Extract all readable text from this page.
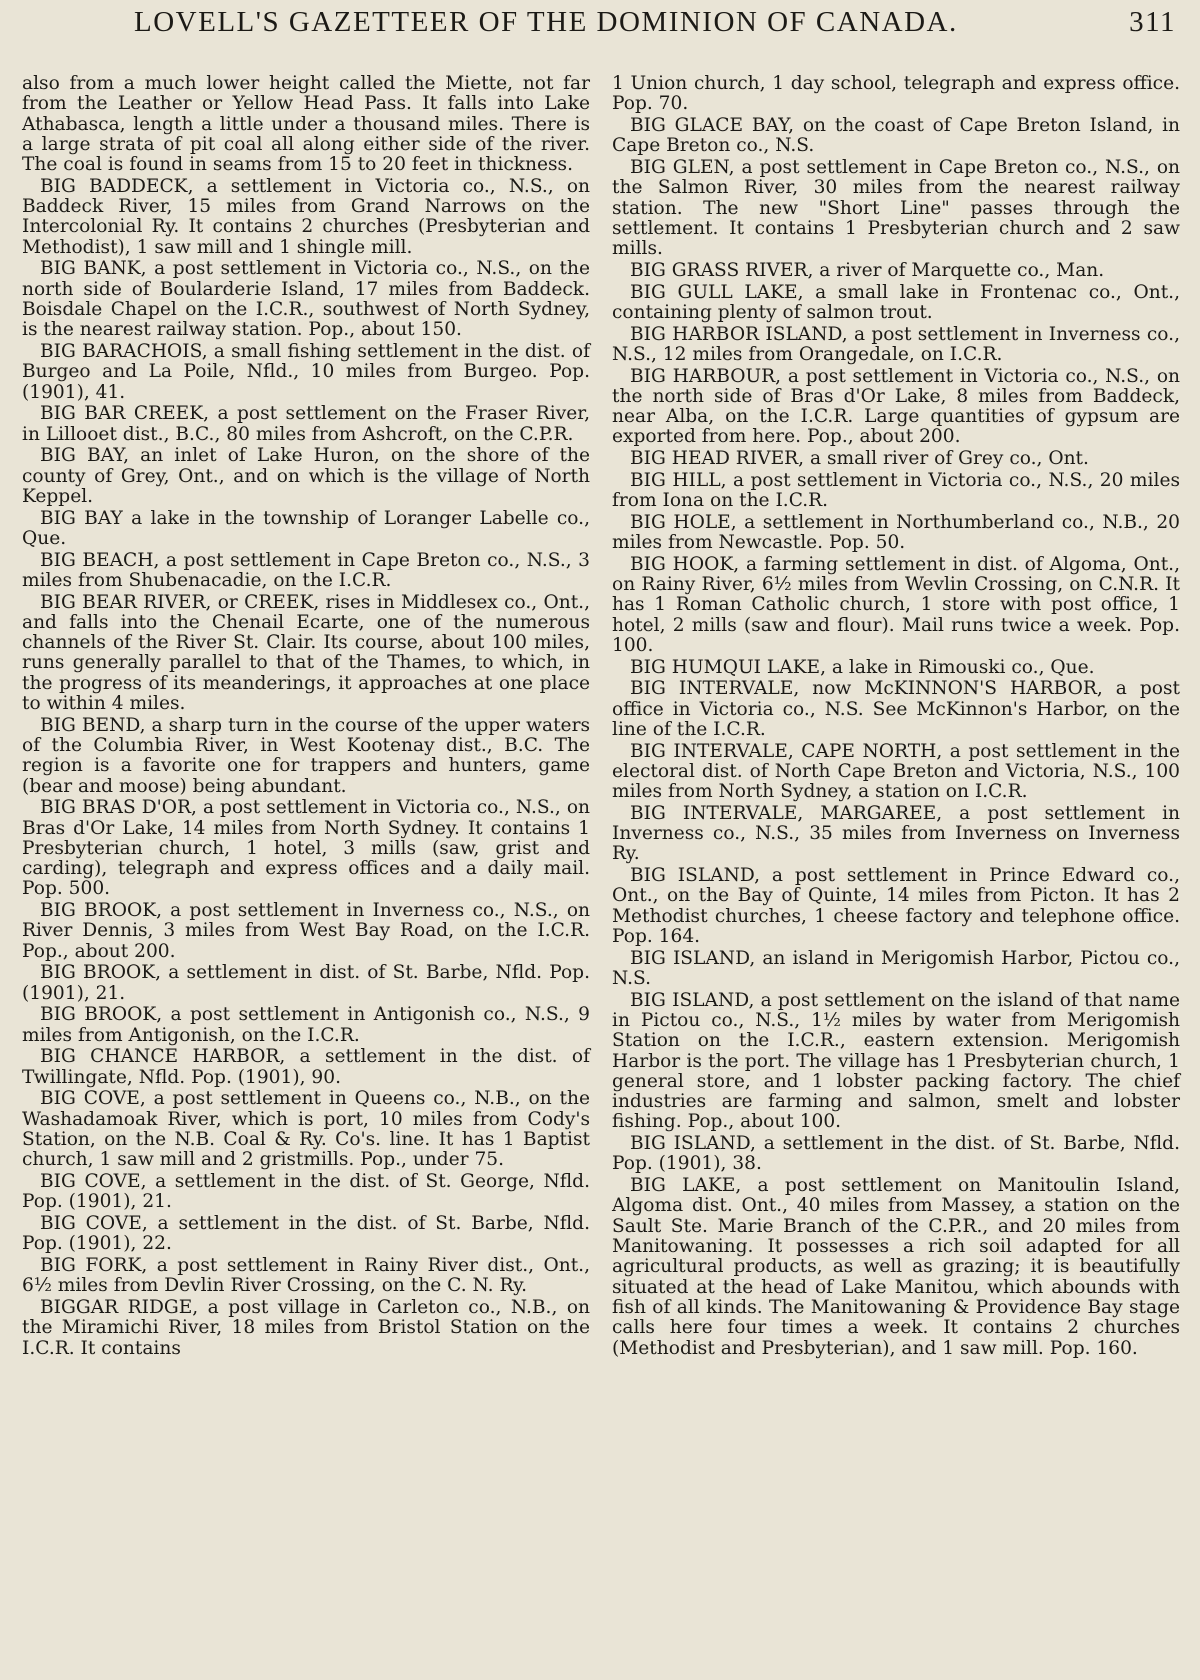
LOVELL'S GAZETTEER OF THE DOMINION OF CANADA.	311

also from a much lower height called the Miette, not far from the Leather or Yellow Head Pass. It falls into Lake Athabasca, length a little under a thousand miles. There is a large strata of pit coal all along either side of the river. The coal is found in seams from 15 to 20 feet in thickness.

BIG BADDECK, a settlement in Victoria co., N.S., on Baddeck River, 15 miles from Grand Narrows on the Intercolonial Ry. It contains 2 churches (Presbyterian and Methodist), 1 saw mill and 1 shingle mill.

BIG BANK, a post settlement in Victoria co., N.S., on the north side of Boularderie Island, 17 miles from Baddeck. Boisdale Chapel on the I.C.R., southwest of North Sydney, is the nearest railway station. Pop., about 150.

BIG BARACHOIS, a small fishing settlement in the dist. of Burgeo and La Poile, Nfld., 10 miles from Burgeo. Pop. (1901), 41.

BIG BAR CREEK, a post settlement on the Fraser River, in Lillooet dist., B.C., 80 miles from Ashcroft, on the C.P.R.

BIG BAY, an inlet of Lake Huron, on the shore of the county of Grey, Ont., and on which is the village of North Keppel.

BIG BAY a lake in the township of Loranger Labelle co., Que.

BIG BEACH, a post settlement in Cape Breton co., N.S., 3 miles from Shubenacadie, on the I.C.R.

BIG BEAR RIVER, or CREEK, rises in Middlesex co., Ont., and falls into the Chenail Ecarte, one of the numerous channels of the River St. Clair. Its course, about 100 miles, runs generally parallel to that of the Thames, to which, in the progress of its meanderings, it approaches at one place to within 4 miles.

BIG BEND, a sharp turn in the course of the upper waters of the Columbia River, in West Kootenay dist., B.C. The region is a favorite one for trappers and hunters, game (bear and moose) being abundant.

BIG BRAS D'OR, a post settlement in Victoria co., N.S., on Bras d'Or Lake, 14 miles from North Sydney. It contains 1 Presbyterian church, 1 hotel, 3 mills (saw, grist and carding), telegraph and express offices and a daily mail. Pop. 500.

BIG BROOK, a post settlement in Inverness co., N.S., on River Dennis, 3 miles from West Bay Road, on the I.C.R. Pop., about 200.

BIG BROOK, a settlement in dist. of St. Barbe, Nfld. Pop. (1901), 21.

BIG BROOK, a post settlement in Antigonish co., N.S., 9 miles from Antigonish, on the I.C.R.

BIG CHANCE HARBOR, a settlement in the dist. of Twillingate, Nfld. Pop. (1901), 90.

BIG COVE, a post settlement in Queens co., N.B., on the Washadamoak River, which is port, 10 miles from Cody's Station, on the N.B. Coal & Ry. Co's. line. It has 1 Baptist church, 1 saw mill and 2 gristmills. Pop., under 75.

BIG COVE, a settlement in the dist. of St. George, Nfld. Pop. (1901), 21.

BIG COVE, a settlement in the dist. of St. Barbe, Nfld. Pop. (1901), 22.

BIG FORK, a post settlement in Rainy River dist., Ont., 6½ miles from Devlin River Crossing, on the C. N. Ry.

BIGGAR RIDGE, a post village in Carleton co., N.B., on the Miramichi River, 18 miles from Bristol Station on the I.C.R. It contains

1 Union church, 1 day school, telegraph and express office. Pop. 70.

BIG GLACE BAY, on the coast of Cape Breton Island, in Cape Breton co., N.S.

BIG GLEN, a post settlement in Cape Breton co., N.S., on the Salmon River, 30 miles from the nearest railway station. The new "Short Line" passes through the settlement. It contains 1 Presbyterian church and 2 saw mills.

BIG GRASS RIVER, a river of Marquette co., Man.

BIG GULL LAKE, a small lake in Frontenac co., Ont., containing plenty of salmon trout.

BIG HARBOR ISLAND, a post settlement in Inverness co., N.S., 12 miles from Orangedale, on I.C.R.

BIG HARBOUR, a post settlement in Victoria co., N.S., on the north side of Bras d'Or Lake, 8 miles from Baddeck, near Alba, on the I.C.R. Large quantities of gypsum are exported from here. Pop., about 200.

BIG HEAD RIVER, a small river of Grey co., Ont.

BIG HILL, a post settlement in Victoria co., N.S., 20 miles from Iona on the I.C.R.

BIG HOLE, a settlement in Northumberland co., N.B., 20 miles from Newcastle. Pop. 50.

BIG HOOK, a farming settlement in dist. of Algoma, Ont., on Rainy River, 6½ miles from Wevlin Crossing, on C.N.R. It has 1 Roman Catholic church, 1 store with post office, 1 hotel, 2 mills (saw and flour). Mail runs twice a week. Pop. 100.

BIG HUMQUI LAKE, a lake in Rimouski co., Que.

BIG INTERVALE, now McKINNON'S HARBOR, a post office in Victoria co., N.S. See McKinnon's Harbor, on the line of the I.C.R.

BIG INTERVALE, CAPE NORTH, a post settlement in the electoral dist. of North Cape Breton and Victoria, N.S., 100 miles from North Sydney, a station on I.C.R.

BIG INTERVALE, MARGAREE, a post settlement in Inverness co., N.S., 35 miles from Inverness on Inverness Ry.

BIG ISLAND, a post settlement in Prince Edward co., Ont., on the Bay of Quinte, 14 miles from Picton. It has 2 Methodist churches, 1 cheese factory and telephone office. Pop. 164.

BIG ISLAND, an island in Merigomish Harbor, Pictou co., N.S.

BIG ISLAND, a post settlement on the island of that name in Pictou co., N.S., 1½ miles by water from Merigomish Station on the I.C.R., eastern extension. Merigomish Harbor is the port. The village has 1 Presbyterian church, 1 general store, and 1 lobster packing factory. The chief industries are farming and salmon, smelt and lobster fishing. Pop., about 100.

BIG ISLAND, a settlement in the dist. of St. Barbe, Nfld. Pop. (1901), 38.

BIG LAKE, a post settlement on Manitoulin Island, Algoma dist. Ont., 40 miles from Massey, a station on the Sault Ste. Marie Branch of the C.P.R., and 20 miles from Manitowaning. It possesses a rich soil adapted for all agricultural products, as well as grazing; it is beautifully situated at the head of Lake Manitou, which abounds with fish of all kinds. The Manitowaning & Providence Bay stage calls here four times a week. It contains 2 churches (Methodist and Presbyterian), and 1 saw mill. Pop. 160.
